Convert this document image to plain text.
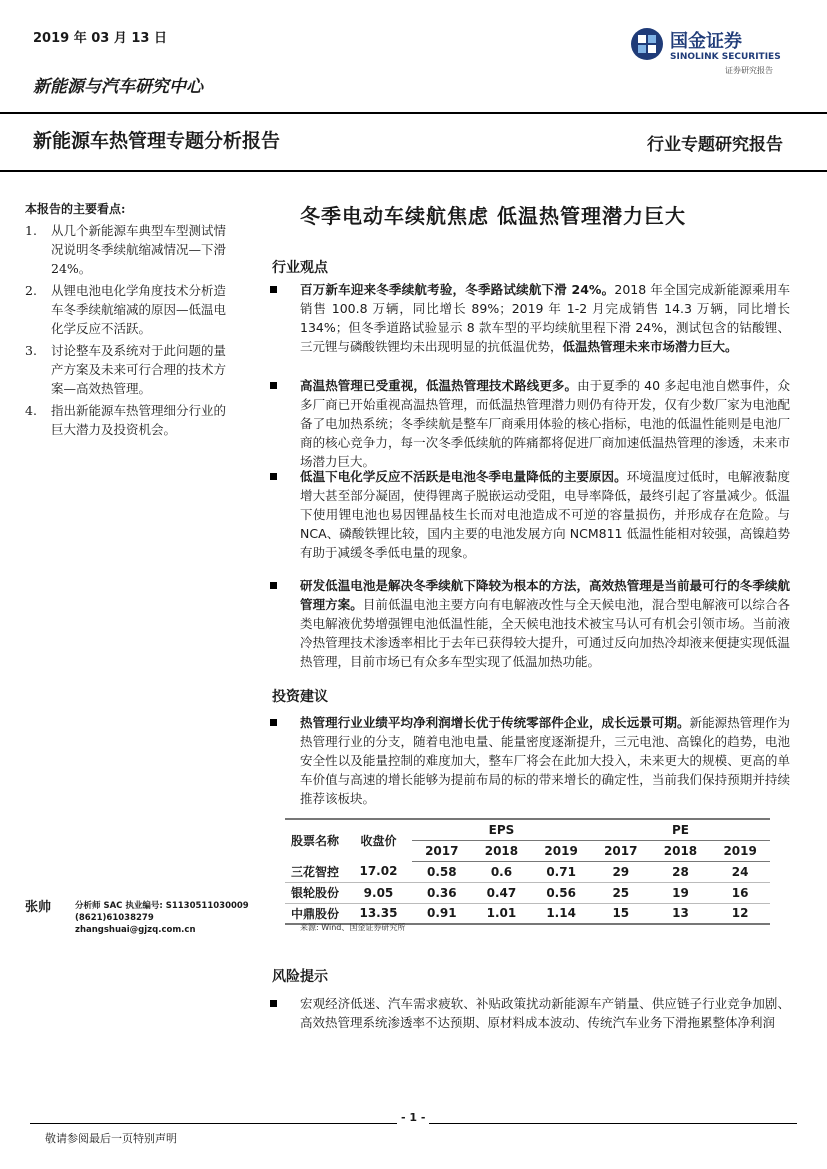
2019 年 03 月 13 日
新能源与汽车研究中心
新能源车热管理专题分析报告	行业专题研究报告
国金证券
SINOLINK SECURITIES
证券研究报告
本报告的主要看点:
1.	从几个新能源车典型车型测试情况说明冬季续航缩减情况—下滑 24%。
2.	从锂电池电化学角度技术分析造车冬季续航缩减的原因—低温电化学反应不活跃。
3.	讨论整车及系统对于此问题的量产方案及未来可行合理的技术方案—高效热管理。
4.	指出新能源车热管理细分行业的巨大潜力及投资机会。
张帅	分析师 SAC 执业编号: S1130511030009
(8621)61038279
zhangshuai@gjzq.com.cn
冬季电动车续航焦虑 低温热管理潜力巨大
行业观点
百万新车迎来冬季续航考验，冬季路试续航下滑 24%。2018 年全国完成新能源乘用车销售 100.8 万辆，同比增长 89%；2019 年 1-2 月完成销售 14.3 万辆，同比增长 134%；但冬季道路试验显示 8 款车型的平均续航里程下滑 24%，测试包含的钴酸锂、三元锂与磷酸铁锂均未出现明显的抗低温优势，低温热管理未来市场潜力巨大。
高温热管理已受重视，低温热管理技术路线更多。由于夏季的 40 多起电池自燃事件，众多厂商已开始重视高温热管理，而低温热管理潜力则仍有待开发，仅有少数厂家为电池配备了电加热系统；冬季续航是整车厂商乘用体验的核心指标，电池的低温性能则是电池厂商的核心竞争力，每一次冬季低续航的阵痛都将促进厂商加速低温热管理的渗透，未来市场潜力巨大。
低温下电化学反应不活跃是电池冬季电量降低的主要原因。环境温度过低时，电解液黏度增大甚至部分凝固，使得锂离子脱嵌运动受阻，电导率降低，最终引起了容量减少。低温下使用锂电池也易因锂晶枝生长而对电池造成不可逆的容量损伤，并形成存在危险。与 NCA、磷酸铁锂比较，国内主要的电池发展方向 NCM811 低温性能相对较强，高镍趋势有助于减缓冬季低电量的现象。
研发低温电池是解决冬季续航下降较为根本的方法，高效热管理是当前最可行的冬季续航管理方案。目前低温电池主要方向有电解液改性与全天候电池，混合型电解液可以综合各类电解液优势增强锂电池低温性能，全天候电池技术被宝马认可有机会引领市场。当前液冷热管理技术渗透率相比于去年已获得较大提升，可通过反向加热冷却液来便捷实现低温热管理，目前市场已有众多车型实现了低温加热功能。
投资建议
热管理行业业绩平均净利润增长优于传统零部件企业，成长远景可期。新能源热管理作为热管理行业的分支，随着电池电量、能量密度逐渐提升，三元电池、高镍化的趋势，电池安全性以及能量控制的难度加大，整车厂将会在此加大投入，未来更大的规模、更高的单车价值与高速的增长能够为提前布局的标的带来增长的确定性，当前我们保持预期并持续推荐该板块。
股票名称	收盘价	EPS			PE		
		2017	2018	2019	2017	2018	2019
三花智控	17.02	0.58	0.6	0.71	29	28	24
银轮股份	9.05	0.36	0.47	0.56	25	19	16
中鼎股份	13.35	0.91	1.01	1.14	15	13	12
来源: Wind、国金证券研究所
风险提示
宏观经济低迷、汽车需求疲软、补贴政策扰动新能源车产销量、供应链子行业竞争加剧、高效热管理系统渗透率不达预期、原材料成本波动、传统汽车业务下滑拖累整体净利润
- 1 -
敬请参阅最后一页特别声明
